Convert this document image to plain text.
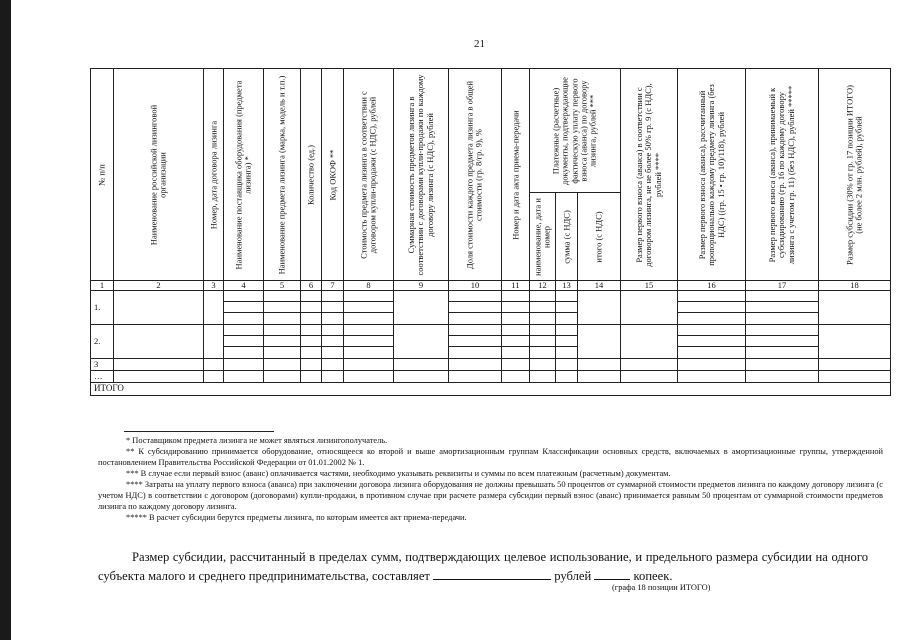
21
№ п/п	Наименование российской лизинговой организации	Номер, дата договора лизинга	Наименование поставщика оборудования (предмета лизинга) *	Наименование предмета лизинга (марка, модель и т.п.)	Количество (ед.)	Код ОКОФ **	Стоимость предмета лизинга в соответствии с договором купли-продажи (с НДС), рублей	Суммарная стоимость предметов лизинга в соответствии с договорами купли-продажи по каждому договору лизинга (с НДС), рублей	Доля стоимости каждого предмета лизинга в общей стоимости (гр. 8/гр. 9), %	Номер и дата акта приема-передачи	Платежные (расчетные) документы, подтверждающие фактическую уплату первого взноса (аванса) по договору лизинга, рублей ***			Размер первого взноса (аванса) в соответствии с договором лизинга, не не более 50% гр. 9 (с НДС), рублей ****	Размер первого взноса (аванса), рассчитанный пропорционально каждому предмету лизинга (без НДС) ((гр. 15 • гр. 10)/118), рублей	Размер первого взноса (аванса), принимаемый к субсидированию (гр. 16 по каждому договору лизинга с учетом гр. 11) (без НДС), рублей *****	Размер субсидии (30% от гр. 17 позиции ИТОГО) (не более 2 млн. рублей), рублей

											наименование, дата и номер	сумма (с НДС)	итого (с НДС)				

1	2	3	4	5	6	7	8	9	10	11	12	13	14	15	16	17	18
1.																	

2.																	

3																	
…																	
ИТОГО																	

* Поставщиком предмета лизинга не может являться лизингополучатель.

** К субсидированию принимается оборудование, относящееся ко второй и выше амортизационным группам Классификации основных средств, включаемых в амортизационные группы, утвержденной постановлением Правительства Российской Федерации от 01.01.2002 № 1.

*** В случае если первый взнос (аванс) оплачивается частями, необходимо указывать реквизиты и суммы по всем платежным (расчетным) документам.

**** Затраты на уплату первого взноса (аванса) при заключении договора лизинга оборудования не должны превышать 50 процентов от суммарной стоимости предметов лизинга по каждому договору лизинга (с учетом НДС) в соответствии с договором (договорами) купли-продажи, в противном случае при расчете размера субсидии первый взнос (аванс) принимается равным 50 процентам от суммарной стоимости предметов лизинга по каждому договору лизинга.

***** В расчет субсидии берутся предметы лизинга, по которым имеется акт приема-передачи.

Размер субсидии, рассчитанный в пределах сумм, подтверждающих целевое использование, и предельного размера субсидии на одного субъекта малого и среднего предпринимательства, составляет	рублей	копеек.
(графа 18 позиции ИТОГО)
